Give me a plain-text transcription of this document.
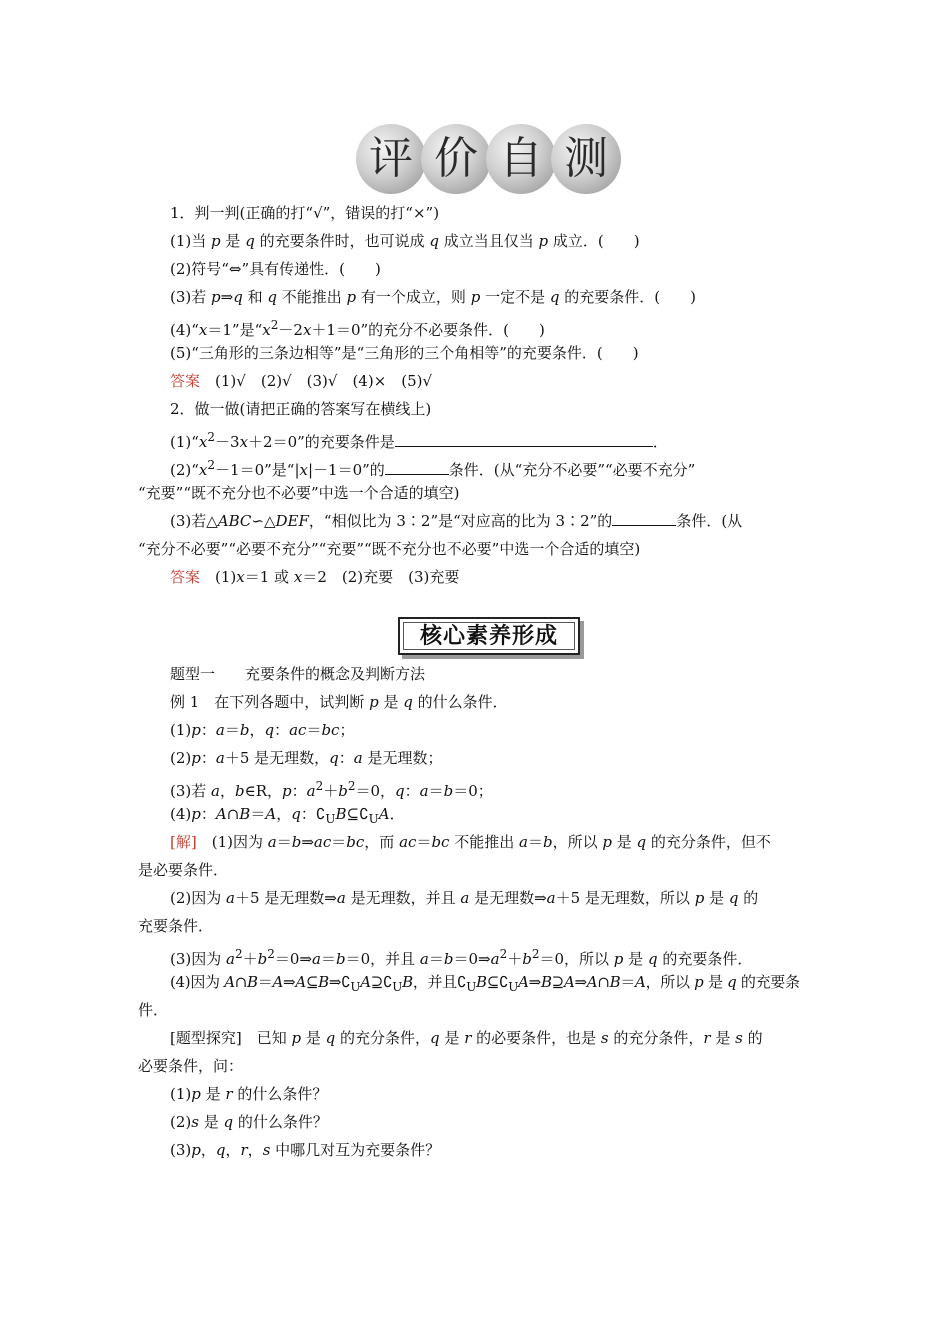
评 价 自 测
1．判一判(正确的打“√”，错误的打“×”)
(1)当 p 是 q 的充要条件时，也可说成 q 成立当且仅当 p 成立．(　　)
(2)符号“⇔”具有传递性．(　　)
(3)若 p⇒q 和 q 不能推出 p 有一个成立，则 p 一定不是 q 的充要条件．(　　)
(4)“x＝1”是“$x^2-2x+1=0$”的充分不必要条件．(　　)
(5)“三角形的三条边相等”是“三角形的三个角相等”的充要条件．(　　)
答案　 (1)√　(2)√　(3)√　(4)×　(5)√
2．做一做(请把正确的答案写在横线上)
$(1)“x^2-3x+2=0$”的充要条件是	．
$(2)“x^2-1=0$”是“|x|－1＝0”的	条件．(从“充分不必要”“必要不充分”
“充要”“既不充分也不必要”中选一个合适的填空)
(3)若△ABC∽△DEF，“相似比为 3∶2”是“对应高的比为 3∶2”的	条件．(从
“充分不必要”“必要不充分”“充要”“既不充分也不必要”中选一个合适的填空)
答案　 (1)x＝1 或 x＝2　(2)充要　(3)充要
核心素养形成
题型一　　充要条件的概念及判断方法
例 1　在下列各题中，试判断 p 是 q 的什么条件．
(1)p：a＝b，q：ac＝bc；
(2)p：a＋5 是无理数，q：a 是无理数；
(3)若 a，b∈R，p：$a^2+b^2=0$，q：a＝b＝0；
(4)p：A∩B＝A，q：$∁_UB⊆∁_UA$．
[解]　 (1)因为 a＝b⇒ac＝bc，而 ac＝bc 不能推出 a＝b，所以 p 是 q 的充分条件，但不
是必要条件．
(2)因为 a＋5 是无理数⇒a 是无理数，并且 a 是无理数⇒a＋5 是无理数，所以 p 是 q 的
充要条件．
(3)因为 $a^2+b^2=0\Rightarrow a=b=0$，并且 $a=b=0\Rightarrow a^2+b^2=0$，所以 p 是 q 的充要条件．
(4)因为 $A\cap B=A\Rightarrow A⊆B\Rightarrow∁_UA⊇∁_UB$，并且$∁_UB⊆∁_UA\Rightarrow B⊇A\Rightarrow A\cap B=A$，所以 p 是 q 的充要条
件．
[题型探究]　已知 p 是 q 的充分条件，q 是 r 的必要条件，也是 s 的充分条件，r 是 s 的
必要条件，问：
(1)p 是 r 的什么条件？
(2)s 是 q 的什么条件？
(3)p，q，r，s 中哪几对互为充要条件？
